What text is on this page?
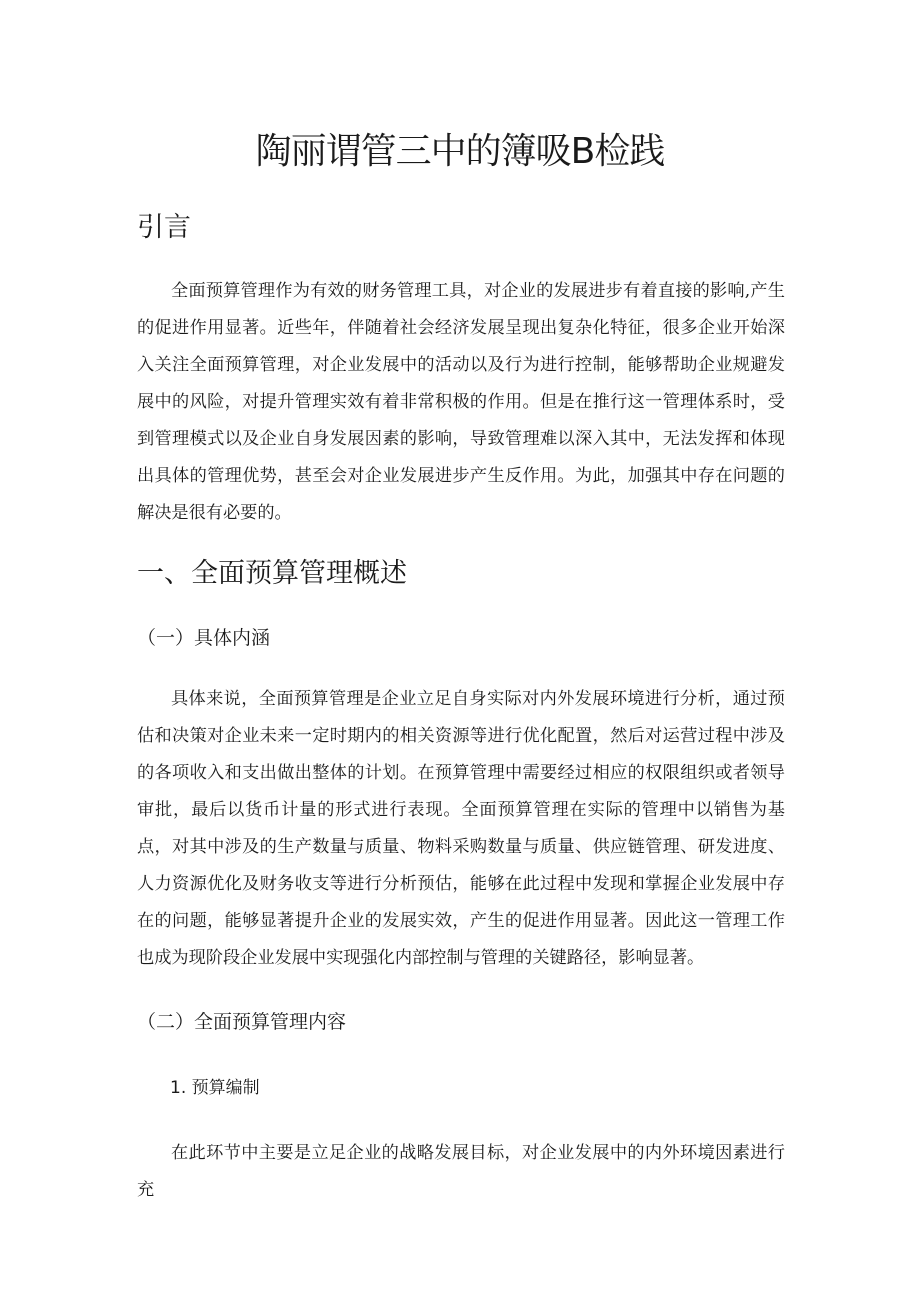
陶丽谓管三中的簿吸B检践
引言

全面预算管理作为有效的财务管理工具，对企业的发展进步有着直接的影响,产生的促进作用显著。近些年，伴随着社会经济发展呈现出复杂化特征，很多企业开始深入关注全面预算管理，对企业发展中的活动以及行为进行控制，能够帮助企业规避发展中的风险，对提升管理实效有着非常积极的作用。但是在推行这一管理体系时，受到管理模式以及企业自身发展因素的影响，导致管理难以深入其中，无法发挥和体现出具体的管理优势，甚至会对企业发展进步产生反作用。为此，加强其中存在问题的解决是很有必要的。

一、全面预算管理概述
（一）具体内涵

具体来说，全面预算管理是企业立足自身实际对内外发展环境进行分析，通过预估和决策对企业未来一定时期内的相关资源等进行优化配置，然后对运营过程中涉及的各项收入和支出做出整体的计划。在预算管理中需要经过相应的权限组织或者领导审批，最后以货币计量的形式进行表现。全面预算管理在实际的管理中以销售为基点，对其中涉及的生产数量与质量、物料采购数量与质量、供应链管理、研发进度、人力资源优化及财务收支等进行分析预估，能够在此过程中发现和掌握企业发展中存在的问题，能够显著提升企业的发展实效，产生的促进作用显著。因此这一管理工作也成为现阶段企业发展中实现强化内部控制与管理的关键路径，影响显著。

（二）全面预算管理内容
1. 预算编制

在此环节中主要是立足企业的战略发展目标，对企业发展中的内外环境因素进行充
